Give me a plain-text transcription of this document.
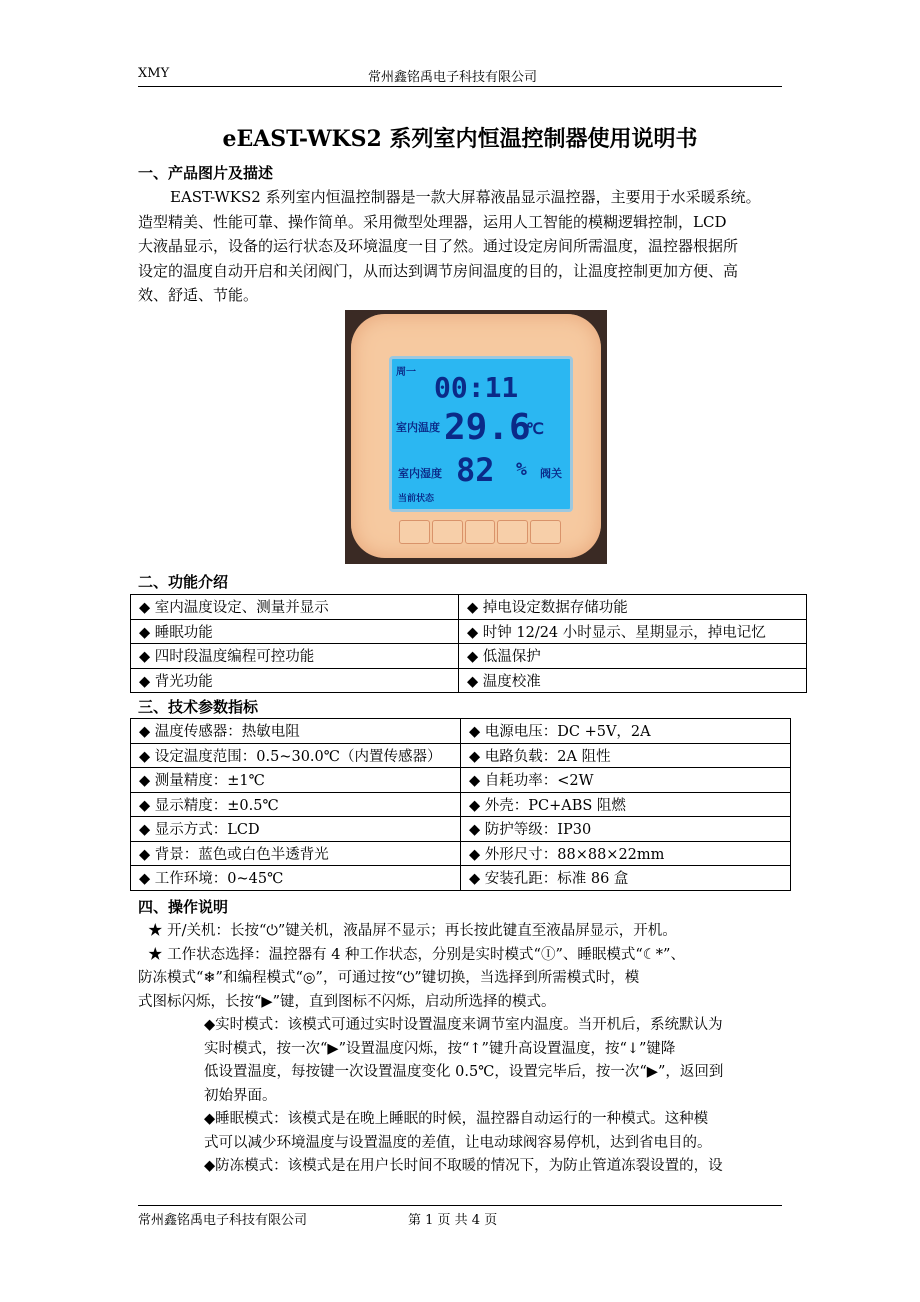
XMY	常州鑫铭禹电子科技有限公司
eEAST-WKS2 系列室内恒温控制器使用说明书
一、产品图片及描述
EAST-WKS2 系列室内恒温控制器是一款大屏幕液晶显示温控器，主要用于水采暖系统。
造型精美、性能可靠、操作简单。采用微型处理器，运用人工智能的模糊逻辑控制，LCD
大液晶显示，设备的运行状态及环境温度一目了然。通过设定房间所需温度，温控器根据所
设定的温度自动开启和关闭阀门，从而达到调节房间温度的目的，让温度控制更加方便、高
效、舒适、节能。
周一 00:11
室内温度 29.6
℃
室内湿度 82 % 阀关
当前状态
二、功能介绍
◆ 室内温度设定、测量并显示	◆ 掉电设定数据存储功能
◆ 睡眠功能	◆ 时钟 12/24 小时显示、星期显示，掉电记忆
◆ 四时段温度编程可控功能	◆ 低温保护
◆ 背光功能	◆ 温度校准
三、技术参数指标
◆ 温度传感器：热敏电阻	◆ 电源电压：DC +5V，2A
◆ 设定温度范围：0.5~30.0℃（内置传感器）	◆ 电路负载：2A 阻性
◆ 测量精度：±1℃	◆ 自耗功率：<2W
◆ 显示精度：±0.5℃	◆ 外壳：PC+ABS 阻燃
◆ 显示方式：LCD	◆ 防护等级：IP30
◆ 背景：蓝色或白色半透背光	◆ 外形尺寸：88×88×22mm
◆ 工作环境：0~45℃	◆ 安装孔距：标准 86 盒
四、操作说明
★ 开/关机：长按“⏻”键关机，液晶屏不显示；再长按此键直至液晶屏显示，开机。
★ 工作状态选择：温控器有 4 种工作状态，分别是实时模式“Ⓘ”、睡眠模式“☾*”、
防冻模式“❄”和编程模式“◎”，可通过按“⏻”键切换，当选择到所需模式时，模
式图标闪烁，长按“▶”键，直到图标不闪烁，启动所选择的模式。
◆实时模式：该模式可通过实时设置温度来调节室内温度。当开机后，系统默认为
实时模式，按一次“▶”设置温度闪烁，按“↑”键升高设置温度，按“↓”键降
低设置温度，每按键一次设置温度变化 0.5℃，设置完毕后，按一次“▶”，返回到
初始界面。
◆睡眠模式：该模式是在晚上睡眠的时候，温控器自动运行的一种模式。这种模
式可以减少环境温度与设置温度的差值，让电动球阀容易停机，达到省电目的。
◆防冻模式：该模式是在用户长时间不取暖的情况下，为防止管道冻裂设置的，设
常州鑫铭禹电子科技有限公司	第 1 页 共 4 页
